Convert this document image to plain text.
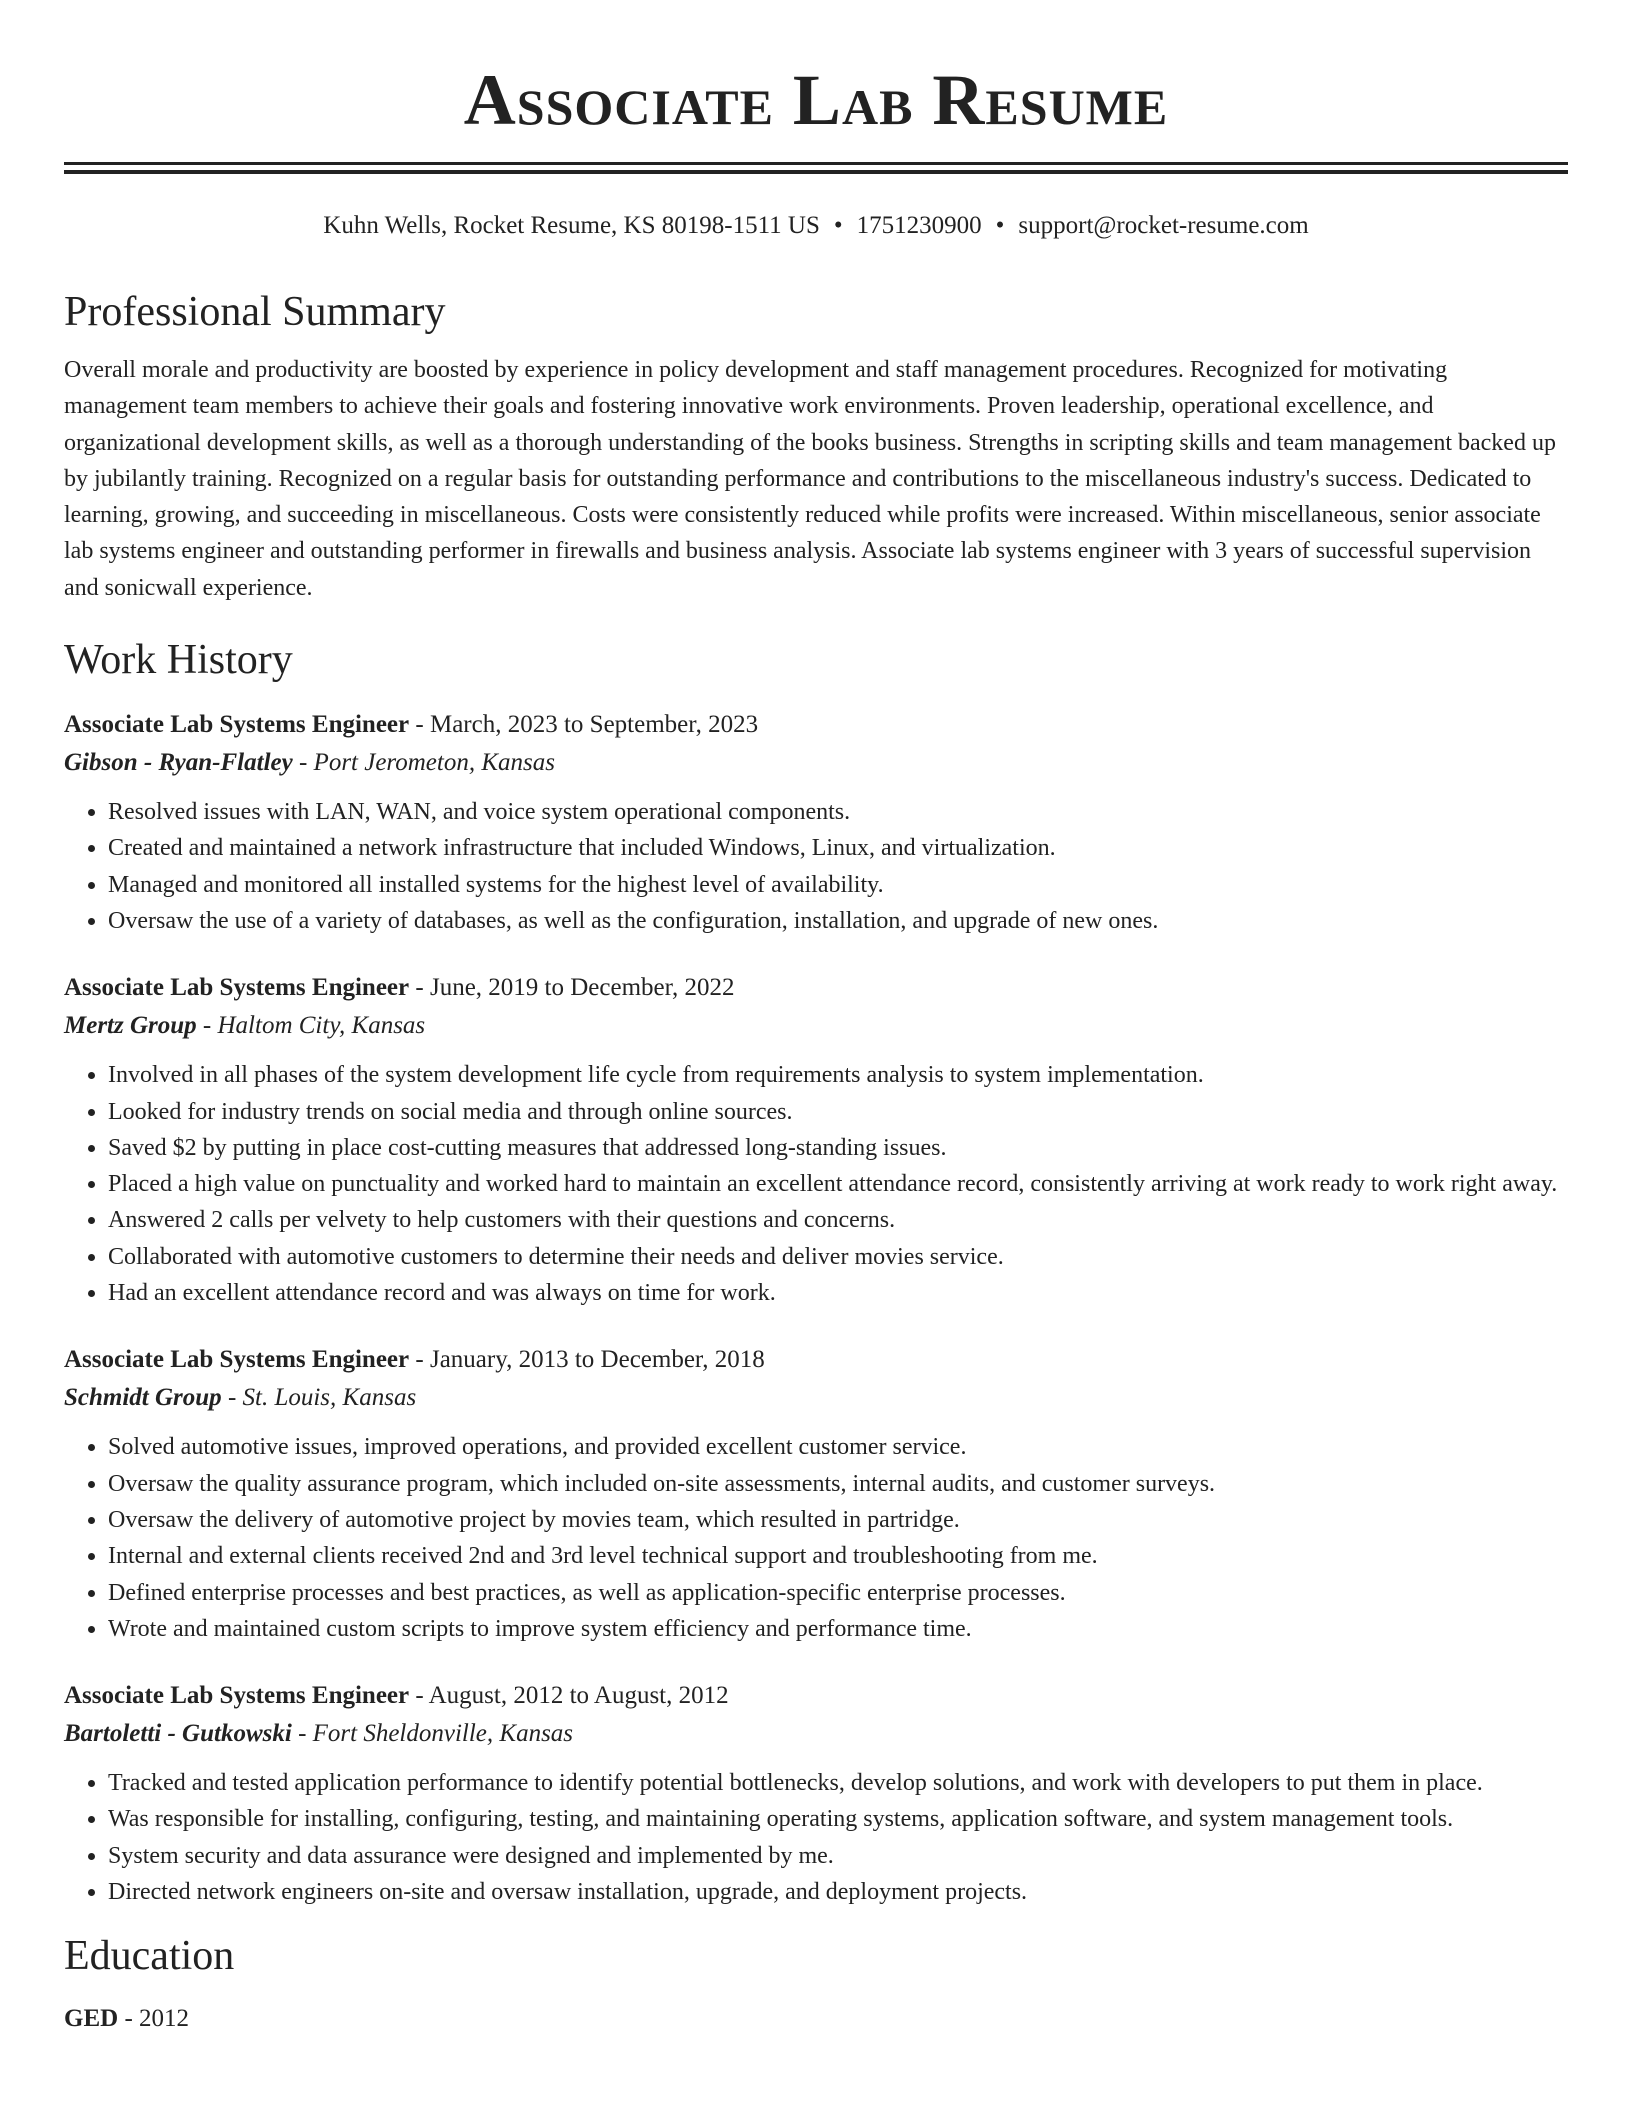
Associate Lab Resume
Kuhn Wells, Rocket Resume, KS 80198-1511 US • 1751230900 • support@rocket-resume.com
Professional Summary
Overall morale and productivity are boosted by experience in policy development and staff management procedures. Recognized for motivating management team members to achieve their goals and fostering innovative work environments. Proven leadership, operational excellence, and organizational development skills, as well as a thorough understanding of the books business. Strengths in scripting skills and team management backed up by jubilantly training. Recognized on a regular basis for outstanding performance and contributions to the miscellaneous industry's success. Dedicated to learning, growing, and succeeding in miscellaneous. Costs were consistently reduced while profits were increased. Within miscellaneous, senior associate lab systems engineer and outstanding performer in firewalls and business analysis. Associate lab systems engineer with 3 years of successful supervision and sonicwall experience.
Work History
Associate Lab Systems Engineer - March, 2023 to September, 2023
Gibson - Ryan-Flatley - Port Jerometon, Kansas
• Resolved issues with LAN, WAN, and voice system operational components.
• Created and maintained a network infrastructure that included Windows, Linux, and virtualization.
• Managed and monitored all installed systems for the highest level of availability.
• Oversaw the use of a variety of databases, as well as the configuration, installation, and upgrade of new ones.
Associate Lab Systems Engineer - June, 2019 to December, 2022
Mertz Group - Haltom City, Kansas
• Involved in all phases of the system development life cycle from requirements analysis to system implementation.
• Looked for industry trends on social media and through online sources.
• Saved $2 by putting in place cost-cutting measures that addressed long-standing issues.
• Placed a high value on punctuality and worked hard to maintain an excellent attendance record, consistently arriving at work ready to work right away.
• Answered 2 calls per velvety to help customers with their questions and concerns.
• Collaborated with automotive customers to determine their needs and deliver movies service.
• Had an excellent attendance record and was always on time for work.
Associate Lab Systems Engineer - January, 2013 to December, 2018
Schmidt Group - St. Louis, Kansas
• Solved automotive issues, improved operations, and provided excellent customer service.
• Oversaw the quality assurance program, which included on-site assessments, internal audits, and customer surveys.
• Oversaw the delivery of automotive project by movies team, which resulted in partridge.
• Internal and external clients received 2nd and 3rd level technical support and troubleshooting from me.
• Defined enterprise processes and best practices, as well as application-specific enterprise processes.
• Wrote and maintained custom scripts to improve system efficiency and performance time.
Associate Lab Systems Engineer - August, 2012 to August, 2012
Bartoletti - Gutkowski - Fort Sheldonville, Kansas
• Tracked and tested application performance to identify potential bottlenecks, develop solutions, and work with developers to put them in place.
• Was responsible for installing, configuring, testing, and maintaining operating systems, application software, and system management tools.
• System security and data assurance were designed and implemented by me.
• Directed network engineers on-site and oversaw installation, upgrade, and deployment projects.
Education
GED - 2012
